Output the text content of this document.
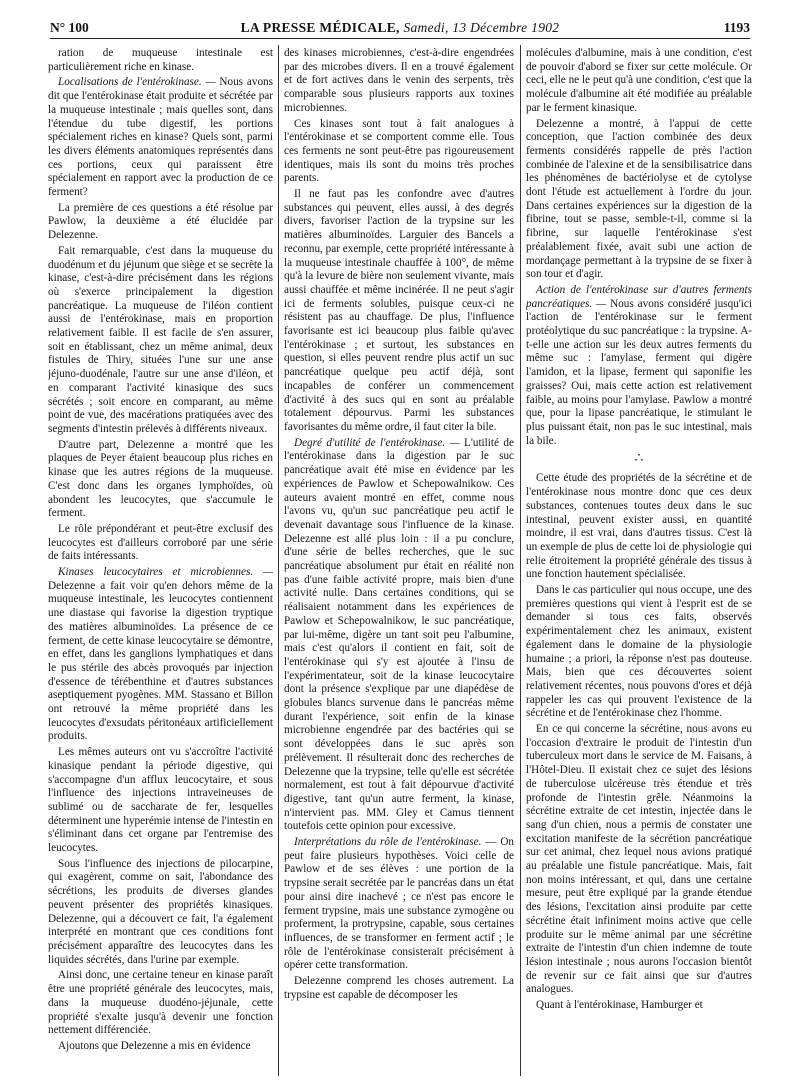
N° 100	LA PRESSE MÉDICALE, Samedi, 13 Décembre 1902	1193

ration de muqueuse intestinale est particulièrement riche en kinase.

Localisations de l'entérokinase. — Nous avons dit que l'entérokinase était produite et sécrétée par la muqueuse intestinale ; mais quelles sont, dans l'étendue du tube digestif, les portions spécialement riches en kinase? Quels sont, parmi les divers éléments anatomiques représentés dans ces portions, ceux qui paraissent être spécialement en rapport avec la production de ce ferment?

La première de ces questions a été résolue par Pawlow, la deuxième a été élucidée par Delezenne.

Fait remarquable, c'est dans la muqueuse du duodénum et du jéjunum que siège et se secrète la kinase, c'est-à-dire précisément dans les régions où s'exerce principalement la digestion pancréatique. La muqueuse de l'iléon contient aussi de l'entérokinase, mais en proportion relativement faible. Il est facile de s'en assurer, soit en établissant, chez un même animal, deux fistules de Thiry, situées l'une sur une anse jéjuno-duodénale, l'autre sur une anse d'iléon, et en comparant l'activité kinasique des sucs sécrétés ; soit encore en comparant, au même point de vue, des macérations pratiquées avec des segments d'intestin prélevés à différents niveaux.

D'autre part, Delezenne a montré que les plaques de Peyer étaient beaucoup plus riches en kinase que les autres régions de la muqueuse. C'est donc dans les organes lymphoïdes, où abondent les leucocytes, que s'accumule le ferment.

Le rôle prépondérant et peut-être exclusif des leucocytes est d'ailleurs corroboré par une série de faits intéressants.

Kinases leucocytaires et microbiennes. — Delezenne a fait voir qu'en dehors même de la muqueuse intestinale, les leucocytes contiennent une diastase qui favorise la digestion tryptique des matières albuminoïdes. La présence de ce ferment, de cette kinase leucocytaire se démontre, en effet, dans les ganglions lymphatiques et dans le pus stérile des abcès provoqués par injection d'essence de térébenthine et d'autres substances aseptiquement pyogènes. MM. Stassano et Billon ont retrouvé la même propriété dans les leucocytes d'exsudats péritonéaux artificiellement produits.

Les mêmes auteurs ont vu s'accroître l'activité kinasique pendant la période digestive, qui s'accompagne d'un afflux leucocytaire, et sous l'influence des injections intraveineuses de sublimé ou de saccharate de fer, lesquelles déterminent une hyperémie intense de l'intestin en s'éliminant dans cet organe par l'entremise des leucocytes.

Sous l'influence des injections de pilocarpine, qui exagèrent, comme on sait, l'abondance des sécrétions, les produits de diverses glandes peuvent présenter des propriétés kinasiques. Delezenne, qui a découvert ce fait, l'a également interprété en montrant que ces conditions font précisément apparaître des leucocytes dans les liquides sécrétés, dans l'urine par exemple.

Ainsi donc, une certaine teneur en kinase paraît être une propriété générale des leucocytes, mais, dans la muqueuse duodéno-jéjunale, cette propriété s'exalte jusqu'à devenir une fonction nettement différenciée.

Ajoutons que Delezenne a mis en évidence

des kinases microbiennes, c'est-à-dire engendrées par des microbes divers. Il en a trouvé également et de fort actives dans le venin des serpents, très comparable sous plusieurs rapports aux toxines microbiennes.

Ces kinases sont tout à fait analogues à l'entérokinase et se comportent comme elle. Tous ces ferments ne sont peut-être pas rigoureusement identiques, mais ils sont du moins très proches parents.

Il ne faut pas les confondre avec d'autres substances qui peuvent, elles aussi, à des degrés divers, favoriser l'action de la trypsine sur les matières albuminoïdes. Larguier des Bancels a reconnu, par exemple, cette propriété intéressante à la muqueuse intestinale chauffée à 100°, de même qu'à la levure de bière non seulement vivante, mais aussi chauffée et même incinérée. Il ne peut s'agir ici de ferments solubles, puisque ceux-ci ne résistent pas au chauffage. De plus, l'influence favorisante est ici beaucoup plus faible qu'avec l'entérokinase ; et surtout, les substances en question, si elles peuvent rendre plus actif un suc pancréatique quelque peu actif déjà, sont incapables de conférer un commencement d'activité à des sucs qui en sont au préalable totalement dépourvus. Parmi les substances favorisantes du même ordre, il faut citer la bile.

Degré d'utilité de l'entérokinase. — L'utilité de l'entérokinase dans la digestion par le suc pancréatique avait été mise en évidence par les expériences de Pawlow et Schepowalnikow. Ces auteurs avaient montré en effet, comme nous l'avons vu, qu'un suc pancréatique peu actif le devenait davantage sous l'influence de la kinase. Delezenne est allé plus loin : il a pu conclure, d'une série de belles recherches, que le suc pancréatique absolument pur était en réalité non pas d'une faible activité propre, mais bien d'une activité nulle. Dans certaines conditions, qui se réalisaient notamment dans les expériences de Pawlow et Schepowalnikow, le suc pancréatique, par lui-même, digère un tant soit peu l'albumine, mais c'est qu'alors il contient en fait, soit de l'entérokinase qui s'y est ajoutée à l'insu de l'expérimentateur, soit de la kinase leucocytaire dont la présence s'explique par une diapédèse de globules blancs survenue dans le pancréas même durant l'expérience, soit enfin de la kinase microbienne engendrée par des bactéries qui se sont développées dans le suc après son prélèvement. Il résulterait donc des recherches de Delezenne que la trypsine, telle qu'elle est sécrétée normalement, est tout à fait dépourvue d'activité digestive, tant qu'un autre ferment, la kinase, n'intervient pas. MM. Gley et Camus tiennent toutefois cette opinion pour excessive.

Interprétations du rôle de l'entérokinase. — On peut faire plusieurs hypothèses. Voici celle de Pawlow et de ses élèves : une portion de la trypsine serait secrétée par le pancréas dans un état pour ainsi dire inachevé ; ce n'est pas encore le ferment trypsine, mais une substance zymogène ou proferment, la protrypsine, capable, sous certaines influences, de se transformer en ferment actif ; le rôle de l'entérokinase consisterait précisément à opérer cette transformation.

Delezenne comprend les choses autrement. La trypsine est capable de décomposer les

molécules d'albumine, mais à une condition, c'est de pouvoir d'abord se fixer sur cette molécule. Or ceci, elle ne le peut qu'à une condition, c'est que la molécule d'albumine ait été modifiée au préalable par le ferment kinasique.

Delezenne a montré, à l'appui de cette conception, que l'action combinée des deux ferments considérés rappelle de près l'action combinée de l'alexine et de la sensibilisatrice dans les phénomènes de bactériolyse et de cytolyse dont l'étude est actuellement à l'ordre du jour. Dans certaines expériences sur la digestion de la fibrine, tout se passe, semble-t-il, comme si la fibrine, sur laquelle l'entérokinase s'est préalablement fixée, avait subi une action de mordançage permettant à la trypsine de se fixer à son tour et d'agir.

Action de l'entérokinase sur d'autres ferments pancréatiques. — Nous avons considéré jusqu'ici l'action de l'entérokinase sur le ferment protéolytique du suc pancréatique : la trypsine. A-t-elle une action sur les deux autres ferments du même suc : l'amylase, ferment qui digère l'amidon, et la lipase, ferment qui saponifie les graisses? Oui, mais cette action est relativement faible, au moins pour l'amylase. Pawlow a montré que, pour la lipase pancréatique, le stimulant le plus puissant était, non pas le suc intestinal, mais la bile.

∴

Cette étude des propriétés de la sécrétine et de l'entérokinase nous montre donc que ces deux substances, contenues toutes deux dans le suc intestinal, peuvent exister aussi, en quantité moindre, il est vrai, dans d'autres tissus. C'est là un exemple de plus de cette loi de physiologie qui relie étroitement la propriété générale des tissus à une fonction hautement spécialisée.

Dans le cas particulier qui nous occupe, une des premières questions qui vient à l'esprit est de se demander si tous ces faits, observés expérimentalement chez les animaux, existent également dans le domaine de la physiologie humaine ; a priori, la réponse n'est pas douteuse. Mais, bien que ces découvertes soient relativement récentes, nous pouvons d'ores et déjà rappeler les cas qui prouvent l'existence de la sécrétine et de l'entérokinase chez l'homme.

En ce qui concerne la sécrétine, nous avons eu l'occasion d'extraire le produit de l'intestin d'un tuberculeux mort dans le service de M. Faisans, à l'Hôtel-Dieu. Il existait chez ce sujet des lésions de tuberculose ulcéreuse très étendue et très profonde de l'intestin grêle. Néanmoins la sécrétine extraite de cet intestin, injectée dans le sang d'un chien, nous a permis de constater une excitation manifeste de la sécrétion pancréatique sur cet animal, chez lequel nous avions pratiqué au préalable une fistule pancréatique. Mais, fait non moins intéressant, et qui, dans une certaine mesure, peut être expliqué par la grande étendue des lésions, l'excitation ainsi produite par cette sécrétine était infiniment moins active que celle produite sur le même animal par une sécrétine extraite de l'intestin d'un chien indemne de toute lésion intestinale ; nous aurons l'occasion bientôt de revenir sur ce fait ainsi que sur d'autres analogues.

Quant à l'entérokinase, Hamburger et
